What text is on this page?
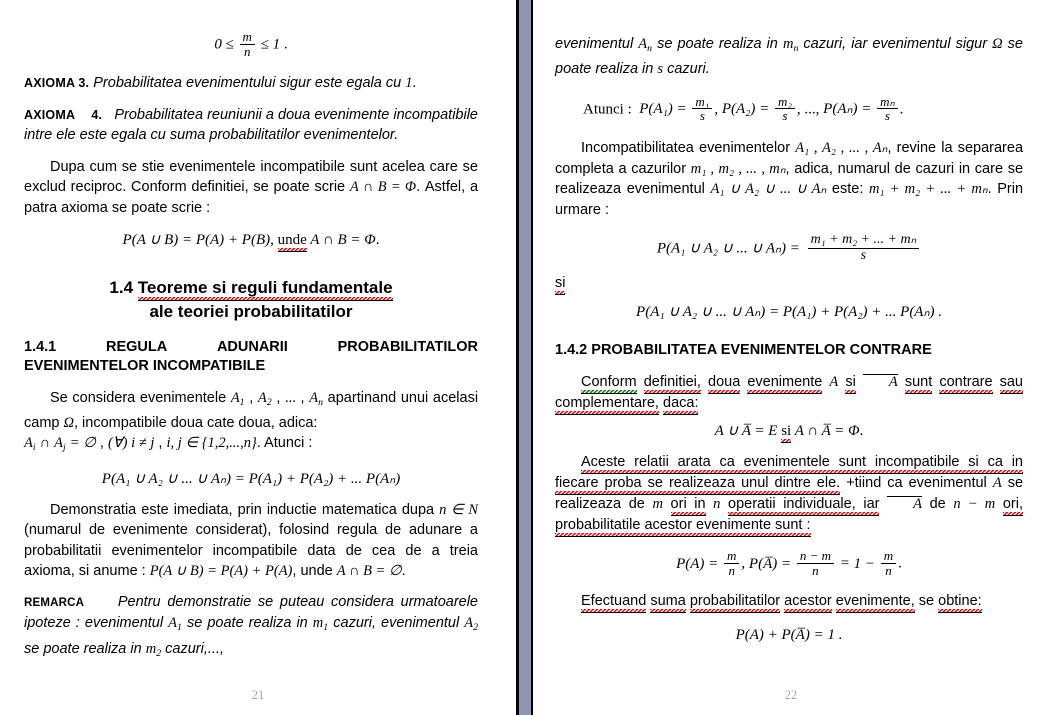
$0 \le \frac{m}{n} \le 1$ .

AXIOMA 3. Probabilitatea evenimentului sigur este egala cu 1.

AXIOMA 4. Probabilitatea reuniunii a doua evenimente incompatibile intre ele este egala cu suma probabilitatilor evenimentelor.

Dupa cum se stie evenimentele incompatibile sunt acelea care se exclud reciproc. Conform definitiei, se poate scrie A ∩ B = Φ. Astfel, a patra axioma se poate scrie :

P(A ∪ B) = P(A) + P(B), unde A ∩ B = Φ.
1.4 Teoreme si reguli fundamentale
ale teoriei probabilitatilor
1.4.1	REGULA	ADUNARII	PROBABILITATILOR
EVENIMENTELOR INCOMPATIBILE

Se considera evenimentele $A_1$ , $A_2$ , ... , $A_n$ apartinand unui acelasi camp Ω, incompatibile doua cate doua, adica:
$A_i$ ∩ $A_j$ = ∅ , (∀) i ≠ j , i, j ∈ {1,2,...,n}. Atunci :

P(A₁ ∪ A₂ ∪ ... ∪ Aₙ) = P(A₁) + P(A₂) + ... P(Aₙ)

Demonstratia este imediata, prin inductie matematica dupa n ∈ N (numarul de evenimente considerat), folosind regula de adunare a probabilitatii evenimentelor incompatibile data de cea de a treia axioma, si anume : P(A ∪ B) = P(A) + P(A), unde A ∩ B = ∅.

REMARCA Pentru demonstratie se puteau considera urmatoarele ipoteze : evenimentul $A_1$ se poate realiza in $m_1$ cazuri, evenimentul $A_2$ se poate realiza in $m_2$ cazuri,...,

21

evenimentul $A_n$ se poate realiza in $m_n$ cazuri, iar evenimentul sigur Ω se poate realiza in s cazuri.

Atunci : $P(A_1) = \frac{\text{m₁}}{s}$ , $P(A_2) = \frac{\text{m₂}}{s}$ , ..., $P(A_n) = \frac{\text{mₙ}}{s}$ .

Incompatibilitatea evenimentelor A₁ , A₂ , ... , Aₙ, revine la separarea completa a cazurilor m₁ , m₂ , ... , mₙ, adica, numarul de cazuri in care se realizeaza evenimentul A₁ ∪ A₂ ∪ ... ∪ Aₙ este: m₁ + m₂ + ... + mₙ. Prin urmare :

P(A₁ ∪ A₂ ∪ ... ∪ $A_n) = \frac{\text{m₁ + m₂ + ... + mₙ}}{s}$
si
P(A₁ ∪ A₂ ∪ ... ∪ Aₙ) = P(A₁) + P(A₂) + ... P(Aₙ) .
1.4.2 PROBABILITATEA EVENIMENTELOR CONTRARE

Conform definitiei, doua evenimente A si A sunt contrare sau complementare, daca:

A ∪ A̅ = E si A ∩ A̅ = Φ.

Aceste relatii arata ca evenimentele sunt incompatibile si ca in fiecare proba se realizeaza unul dintre ele. +tiind ca evenimentul A se realizeaza de m ori in n operatii individuale, iar A de n − m ori, probabilitatile acestor evenimente sunt :

$P(A) = \frac{m}{n}$ , P(A̅) = $\frac{n - m}{n} = 1 - \frac{m}{n}$ .

Efectuand suma probabilitatilor acestor evenimente, se obtine:

P(A) + P(A̅) = 1 .
22
